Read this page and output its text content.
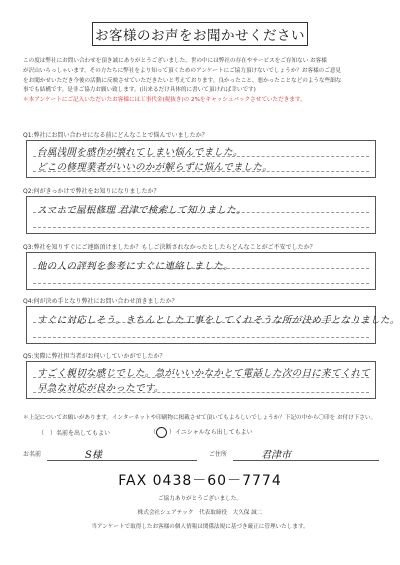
お客様のお声をお聞かせください

この度は弊社にお問い合わせを頂き誠にありがとうございました。世の中には弊社の存在やサービスをご存知ない お客様

が沢山いらっしゃいます。その方たちに弊社をより知って頂くためのアンケートにご協力頂けないでしょうか？お客様のご意見

をお聞かせいただき今後の活動に反映させていただきたいと考えております。良かったこと、悪かったことなどのような些細な

事でも結構です。是非ご協力お願い致します。(出来るだけ具体的に書いて頂ければ幸いです)

＊本アンケートにご記入いただいたお客様には工事代金(税抜き)の 2%をキャッシュバックさせていただきます。

Q1:弊社にお問い合わせになる前にどんなことで悩んでいましたか？
台風浅間を感作が壊れてしまい悩んでました。
どこの修理業者がいいのかが解らずに悩んでました。
Q2:何がきっかけで弊社をお知りになりましたか？
スマホで屋根修理 君津で検索して知りました。
Q3:弊社を知りすぐにご連絡頂けましたか？もしご決断されなかったとしたらどんなことがご不安でしたか？
他の人の評判を参考にすぐに連絡しました。
Q4:何が決め手となり弊社にお問い合わせ頂きましたか？
すぐに対応しそう。きちんとした工事をしてくれそうな所が決め手となりました。
Q5:実際に弊社担当者がお伺いしていかがでしたか？
すごく親切な感じでした。急がいいかなかとて電話した次の日に来てくれて
早急な対応が良かったです。
＊上記についてお願いがあります。インターネットや印刷物に掲載させて頂いてもよろしいでしょうか？下記の中から〇印を お付け下さい。
（　）名前を出してもよい	（ ）イニシャルなら出してもよい
お名前	S様	ご住所	君津市
FAX 0438－60－7774
ご協力ありがとうございました。
株式会社シェアテック　代表取締役　大久保 誠二
当アンケートで取得したお客様の個人情報は関係法規に基づき厳正に管理いたします。
